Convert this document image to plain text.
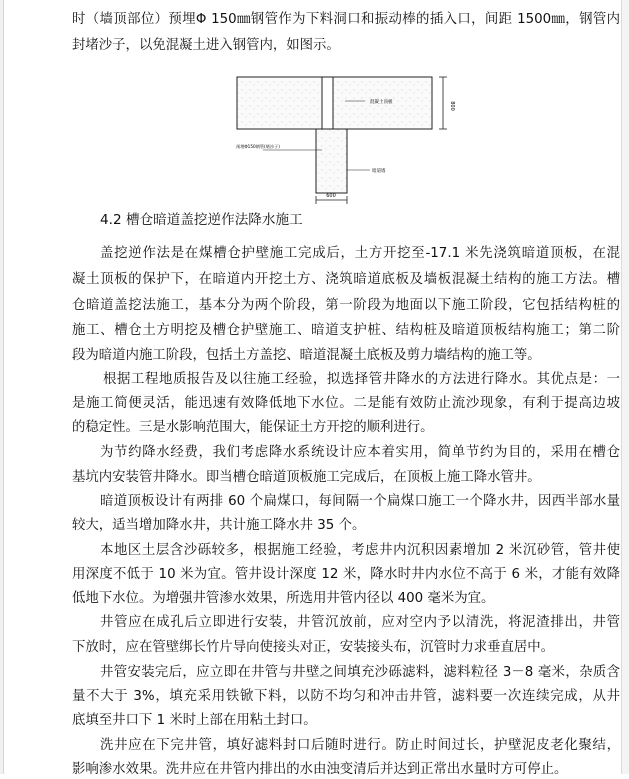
时（墙顶部位）预埋Φ 150㎜钢管作为下料洞口和振动棒的插入口，间距 1500㎜，钢管内
封堵沙子，以免混凝土进入钢管内，如图示。
800
600
混凝土顶板
预埋Φ150钢管(堵沙子)
暗道墙
4.2 槽仓暗道盖挖逆作法降水施工
盖挖逆作法是在煤槽仓护壁施工完成后，土方开挖至-17.1 米先浇筑暗道顶板，在混
凝土顶板的保护下，在暗道内开挖土方、浇筑暗道底板及墙板混凝土结构的施工方法。槽
仓暗道盖挖法施工，基本分为两个阶段，第一阶段为地面以下施工阶段，它包括结构桩的
施工、槽仓土方明挖及槽仓护壁施工、暗道支护桩、结构桩及暗道顶板结构施工；第二阶
段为暗道内施工阶段，包括土方盖挖、暗道混凝土底板及剪力墙结构的施工等。
根据工程地质报告及以往施工经验，拟选择管井降水的方法进行降水。其优点是：一
是施工简便灵活，能迅速有效降低地下水位。二是能有效防止流沙现象，有利于提高边坡
的稳定性。三是水影响范围大，能保证土方开挖的顺利进行。
为节约降水经费，我们考虑降水系统设计应本着实用，简单节约为目的，采用在槽仓
基坑内安装管井降水。即当槽仓暗道顶板施工完成后，在顶板上施工降水管井。
暗道顶板设计有两排 60 个扁煤口，每间隔一个扁煤口施工一个降水井，因西半部水量
较大，适当增加降水井，共计施工降水井 35 个。
本地区土层含沙砾较多，根据施工经验，考虑井内沉积因素增加 2 米沉砂管，管井使
用深度不低于 10 米为宜。管井设计深度 12 米，降水时井内水位不高于 6 米，才能有效降
低地下水位。为增强井管渗水效果，所选用井管内径以 400 毫米为宜。
井管应在成孔后立即进行安装，井管沉放前，应对空内予以清洗，将泥渣排出，井管
下放时，应在管壁绑长竹片导向使接头对正，安装接头布，沉管时力求垂直居中。
井管安装完后，应立即在井管与井壁之间填充沙砾滤料，滤料粒径 3－8 毫米，杂质含
量不大于 3%，填充采用铁锨下料，以防不均匀和冲击井管，滤料要一次连续完成，从井
底填至井口下 1 米时上部在用粘土封口。
洗井应在下完井管，填好滤料封口后随时进行。防止时间过长，护壁泥皮老化聚结，
影响渗水效果。洗井应在井管内排出的水由浊变清后并达到正常出水量时方可停止。
